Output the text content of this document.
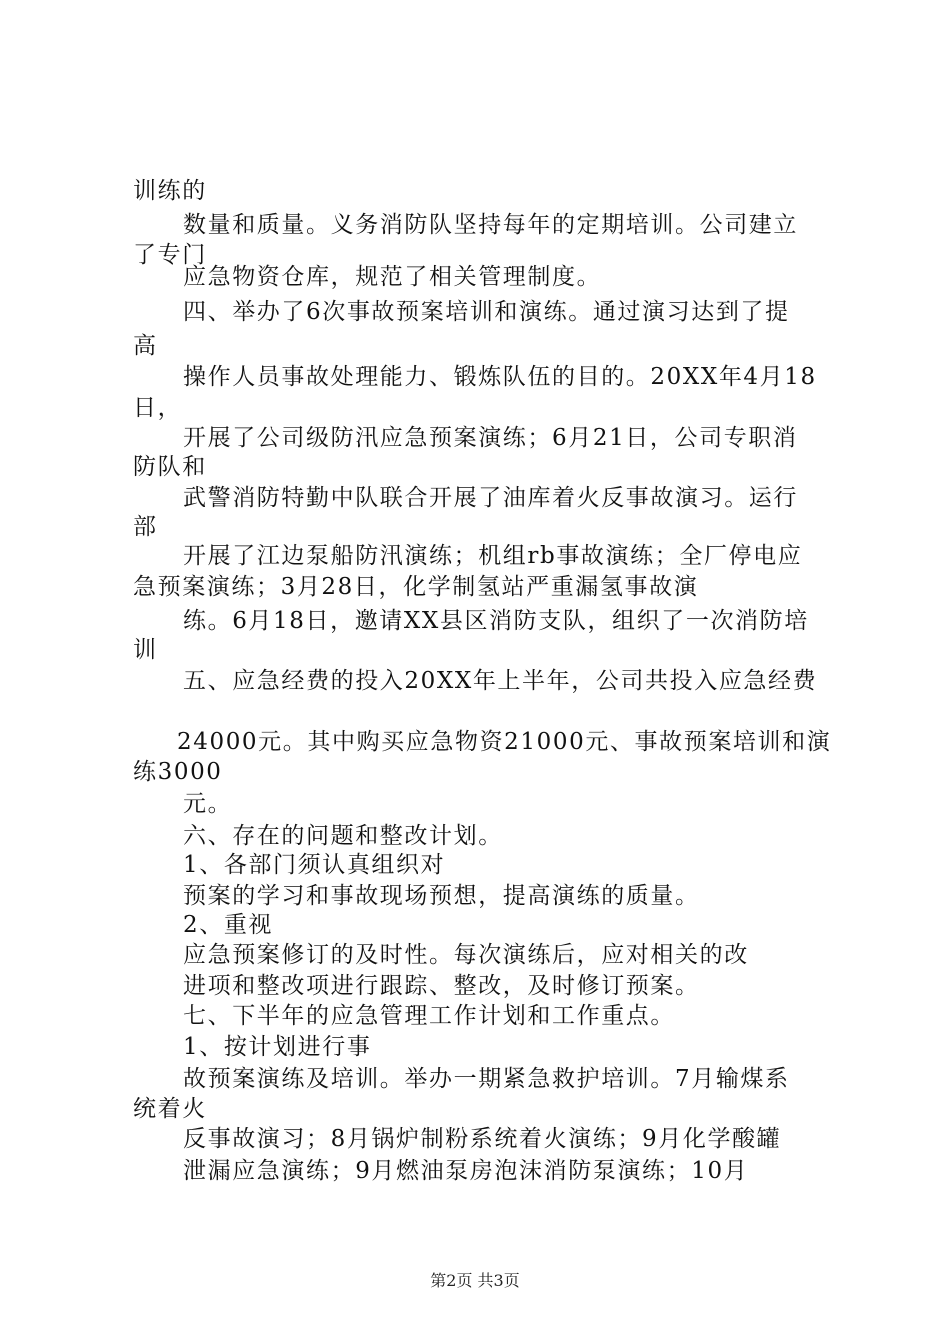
训练的
数量和质量。义务消防队坚持每年的定期培训。公司建立
了专门
应急物资仓库，规范了相关管理制度。
四、举办了6次事故预案培训和演练。通过演习达到了提
高
操作人员事故处理能力、锻炼队伍的目的。20XX年4月18
日，
开展了公司级防汛应急预案演练；6月21日，公司专职消
防队和
武警消防特勤中队联合开展了油库着火反事故演习。运行
部
开展了江边泵船防汛演练；机组rb事故演练；全厂停电应
急预案演练；3月28日，化学制氢站严重漏氢事故演
练。6月18日，邀请XX县区消防支队，组织了一次消防培
训
五、应急经费的投入20XX年上半年，公司共投入应急经费
24000元。其中购买应急物资21000元、事故预案培训和演
练3000
元。
六、存在的问题和整改计划。
1、各部门须认真组织对
预案的学习和事故现场预想，提高演练的质量。
2、重视
应急预案修订的及时性。每次演练后，应对相关的改
进项和整改项进行跟踪、整改，及时修订预案。
七、下半年的应急管理工作计划和工作重点。
1、按计划进行事
故预案演练及培训。举办一期紧急救护培训。7月输煤系
统着火
反事故演习；8月锅炉制粉系统着火演练；9月化学酸罐
泄漏应急演练；9月燃油泵房泡沫消防泵演练；10月
第2页 共3页
